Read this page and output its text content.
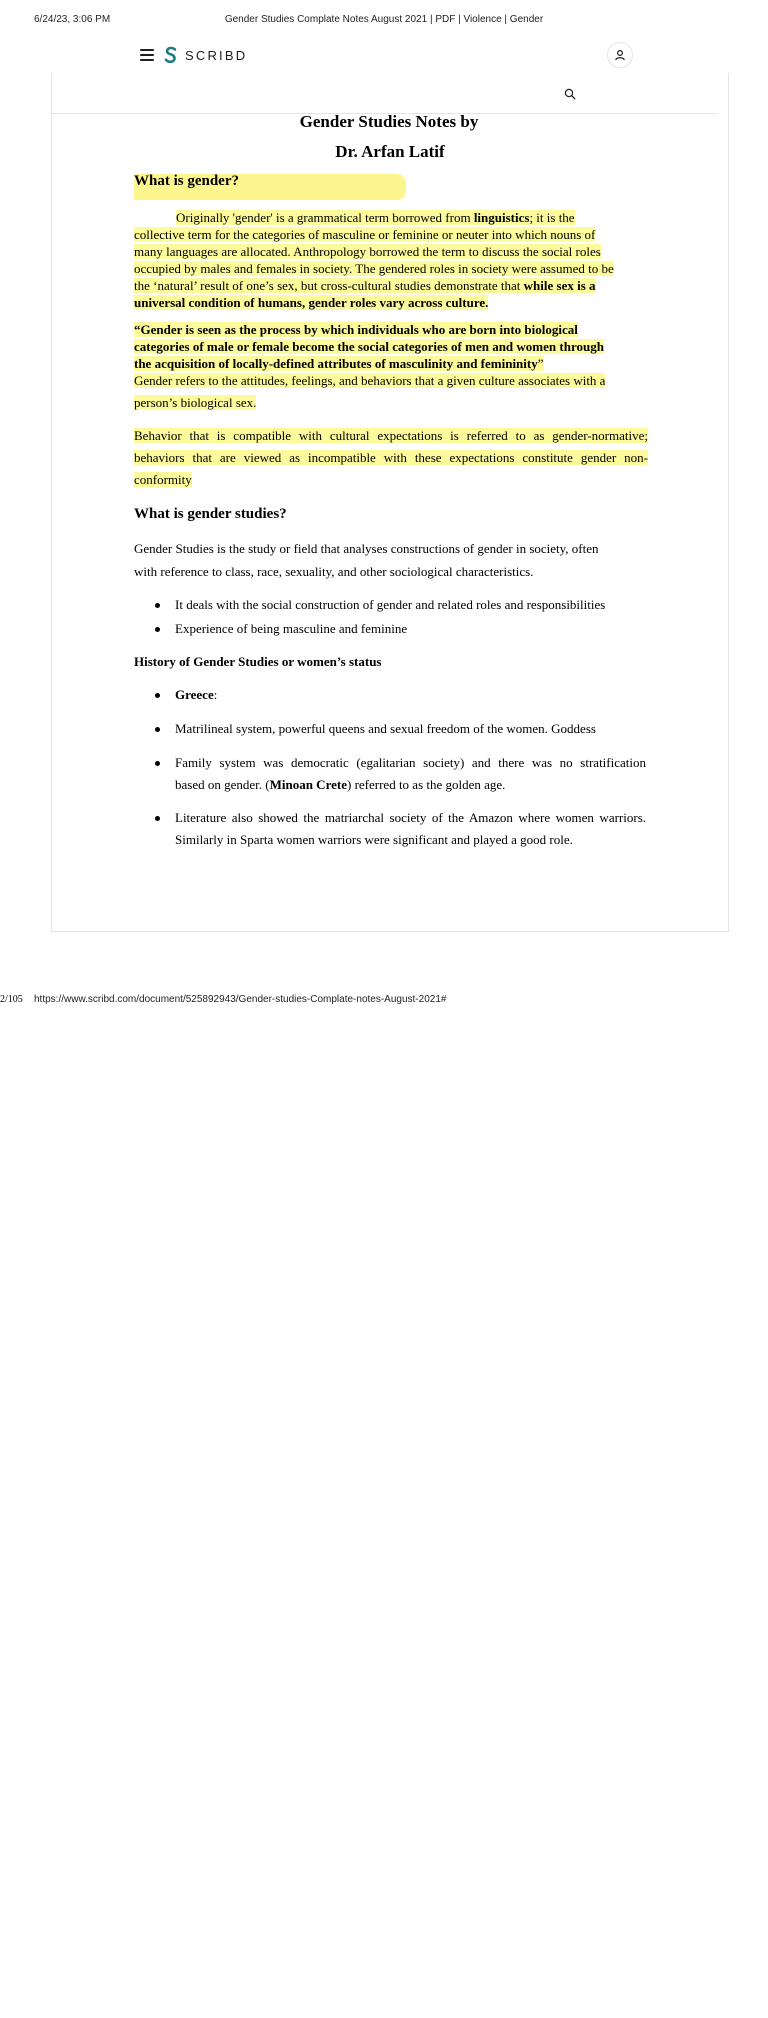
6/24/23, 3:06 PM	Gender Studies Complate Notes August 2021 | PDF | Violence | Gender
SCRIBD
Gender Studies Notes by
Dr. Arfan Latif
What is gender?
Originally 'gender' is a grammatical term borrowed from linguistics; it is the
collective term for the categories of masculine or feminine or neuter into which nouns of
many languages are allocated. Anthropology borrowed the term to discuss the social roles
occupied by males and females in society. The gendered roles in society were assumed to be
the ‘natural’ result of one’s sex, but cross-cultural studies demonstrate that while sex is a
universal condition of humans, gender roles vary across culture.
“Gender is seen as the process by which individuals who are born into biological
categories of male or female become the social categories of men and women through
the acquisition of locally-defined attributes of masculinity and femininity”
Gender refers to the attitudes, feelings, and behaviors that a given culture associates with a
person’s biological sex.
Behavior that is compatible with cultural expectations is referred to as gender-normative;
behaviors that are viewed as incompatible with these expectations constitute gender non-
conformity
What is gender studies?
Gender Studies is the study or field that analyses constructions of gender in society, often
with reference to class, race, sexuality, and other sociological characteristics.
It deals with the social construction of gender and related roles and responsibilities
Experience of being masculine and feminine
History of Gender Studies or women’s status
Greece:
Matrilineal system, powerful queens and sexual freedom of the women. Goddess
Family system was democratic (egalitarian society) and there was no stratification
based on gender. (Minoan Crete) referred to as the golden age.
Literature also showed the matriarchal society of the Amazon where women warriors.
Similarly in Sparta women warriors were significant and played a good role.
https://www.scribd.com/document/525892943/Gender-studies-Complate-notes-August-2021#
2/105
